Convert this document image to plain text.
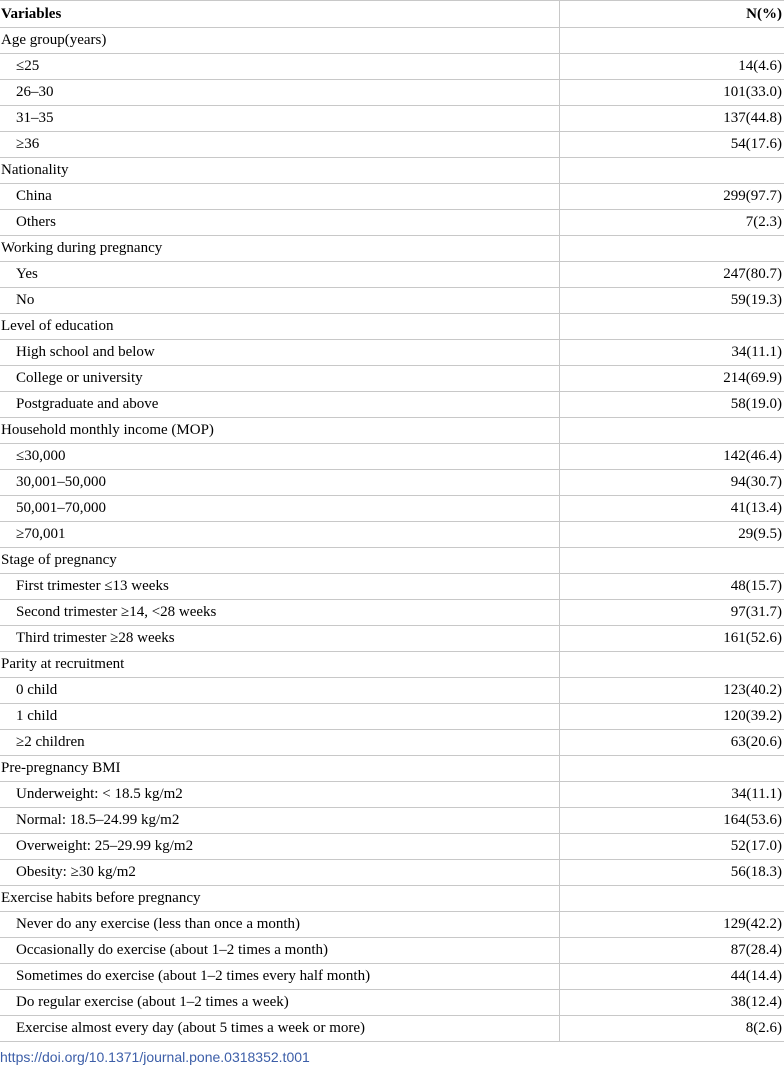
Variables	N(%)
Age group(years)	
≤25	14(4.6)
26–30	101(33.0)
31–35	137(44.8)
≥36	54(17.6)
Nationality	
China	299(97.7)
Others	7(2.3)
Working during pregnancy	
Yes	247(80.7)
No	59(19.3)
Level of education	
High school and below	34(11.1)
College or university	214(69.9)
Postgraduate and above	58(19.0)
Household monthly income (MOP)	
≤30,000	142(46.4)
30,001–50,000	94(30.7)
50,001–70,000	41(13.4)
≥70,001	29(9.5)
Stage of pregnancy	
First trimester ≤13 weeks	48(15.7)
Second trimester ≥14, <28 weeks	97(31.7)
Third trimester ≥28 weeks	161(52.6)
Parity at recruitment	
0 child	123(40.2)
1 child	120(39.2)
≥2 children	63(20.6)
Pre-pregnancy BMI	
Underweight: < 18.5 kg/m2	34(11.1)
Normal: 18.5–24.99 kg/m2	164(53.6)
Overweight: 25–29.99 kg/m2	52(17.0)
Obesity: ≥30 kg/m2	56(18.3)
Exercise habits before pregnancy	
Never do any exercise (less than once a month)	129(42.2)
Occasionally do exercise (about 1–2 times a month)	87(28.4)
Sometimes do exercise (about 1–2 times every half month)	44(14.4)
Do regular exercise (about 1–2 times a week)	38(12.4)
Exercise almost every day (about 5 times a week or more)	8(2.6)
https://doi.org/10.1371/journal.pone.0318352.t001
